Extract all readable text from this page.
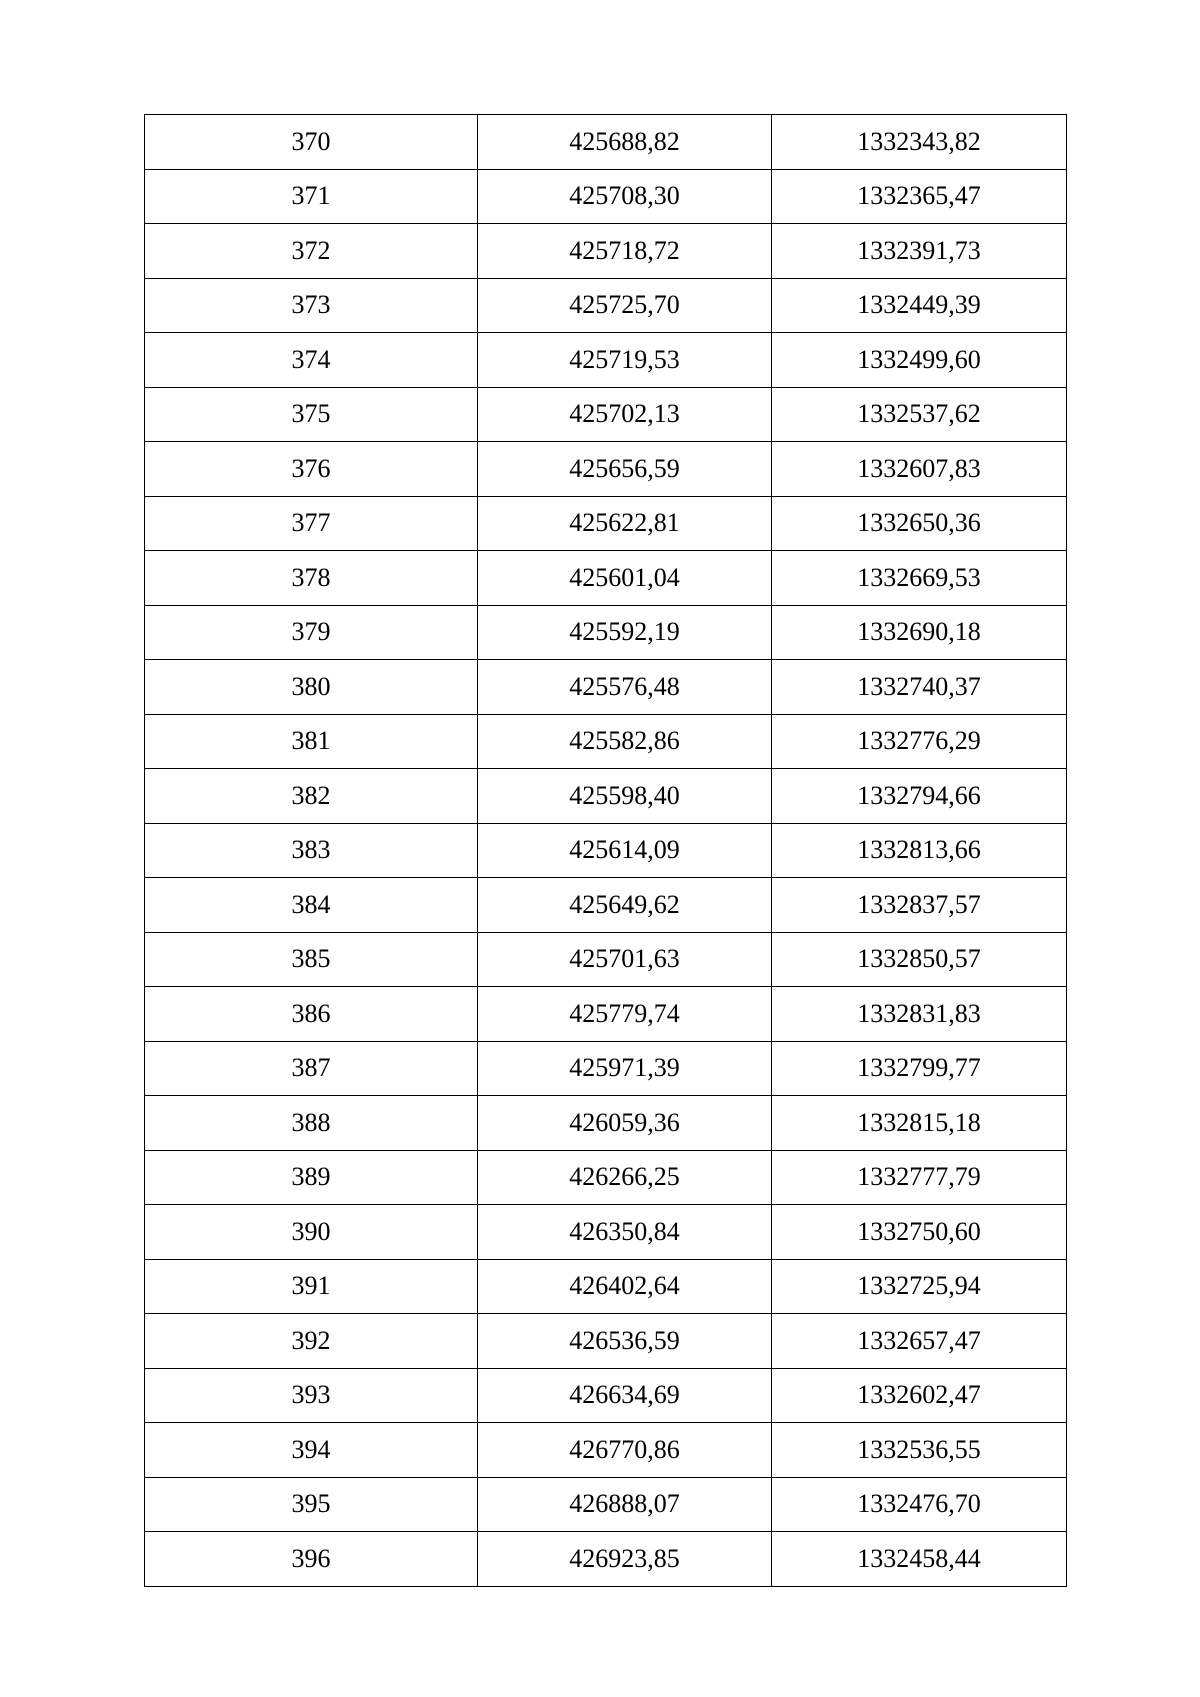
370	425688,82	1332343,82
371	425708,30	1332365,47
372	425718,72	1332391,73
373	425725,70	1332449,39
374	425719,53	1332499,60
375	425702,13	1332537,62
376	425656,59	1332607,83
377	425622,81	1332650,36
378	425601,04	1332669,53
379	425592,19	1332690,18
380	425576,48	1332740,37
381	425582,86	1332776,29
382	425598,40	1332794,66
383	425614,09	1332813,66
384	425649,62	1332837,57
385	425701,63	1332850,57
386	425779,74	1332831,83
387	425971,39	1332799,77
388	426059,36	1332815,18
389	426266,25	1332777,79
390	426350,84	1332750,60
391	426402,64	1332725,94
392	426536,59	1332657,47
393	426634,69	1332602,47
394	426770,86	1332536,55
395	426888,07	1332476,70
396	426923,85	1332458,44
